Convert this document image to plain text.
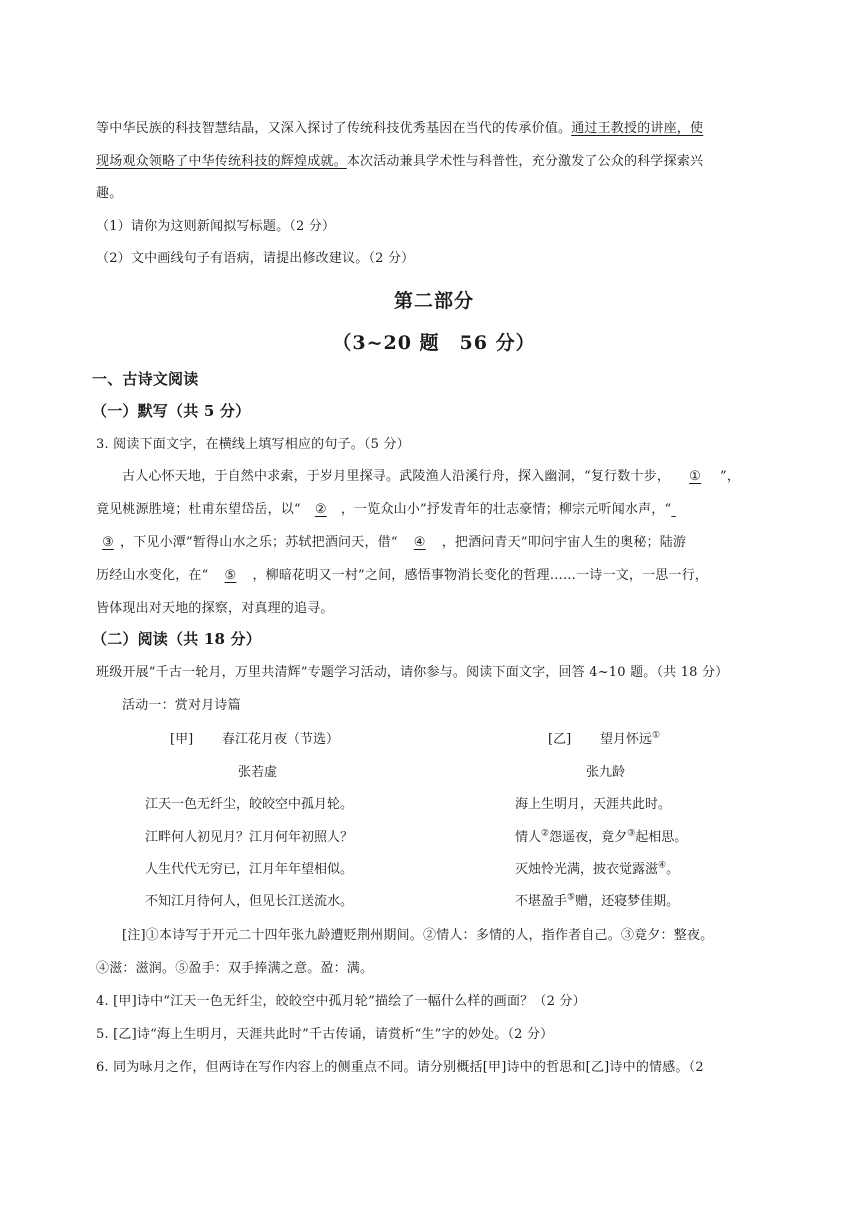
等中华民族的科技智慧结晶，又深入探讨了传统科技优秀基因在当代的传承价值。通过王教授的讲座，使
现场观众领略了中华传统科技的辉煌成就。本次活动兼具学术性与科普性，充分激发了公众的科学探索兴
趣。
（1）请你为这则新闻拟写标题。（2 分）
（2）文中画线句子有语病，请提出修改建议。（2 分）
第二部分
（3~20 题　56 分）
一、古诗文阅读
（一）默写（共 5 分）
3. 阅读下面文字，在横线上填写相应的句子。（5 分）
古人心怀天地，于自然中求索，于岁月里探寻。武陵渔人沿溪行舟，探入幽洞，“复行数十步， ① ”，
竟见桃源胜境；杜甫东望岱岳，以“ ② ，一览众山小”抒发青年的壮志豪情；柳宗元听闻水声，“
③ ，下见小潭”暂得山水之乐；苏轼把酒问天，借“ ④ ，把酒问青天”叩问宇宙人生的奥秘；陆游
历经山水变化，在“ ⑤ ，柳暗花明又一村”之间，感悟事物消长变化的哲理……一诗一文，一思一行，
皆体现出对天地的探察，对真理的追寻。
（二）阅读（共 18 分）
班级开展“千古一轮月，万里共清辉”专题学习活动，请你参与。阅读下面文字，回答 4~10 题。（共 18 分）
活动一：赏对月诗篇
[甲] 春江花月夜（节选）
张若虚
江天一色无纤尘，皎皎空中孤月轮。
江畔何人初见月？江月何年初照人？
人生代代无穷已，江月年年望相似。
不知江月待何人，但见长江送流水。
[乙] 望月怀远①
张九龄
海上生明月，天涯共此时。
情人②怨遥夜，竟夕③起相思。
灭烛怜光满，披衣觉露滋④。
不堪盈手⑤赠，还寝梦佳期。
[注]①本诗写于开元二十四年张九龄遭贬荆州期间。②情人：多情的人，指作者自己。③竟夕：整夜。
④滋：滋润。⑤盈手：双手捧满之意。盈：满。
4. [甲]诗中“江天一色无纤尘，皎皎空中孤月轮”描绘了一幅什么样的画面？（2 分）
5. [乙]诗“海上生明月，天涯共此时”千古传诵，请赏析“生”字的妙处。（2 分）
6. 同为咏月之作，但两诗在写作内容上的侧重点不同。请分别概括[甲]诗中的哲思和[乙]诗中的情感。（2
